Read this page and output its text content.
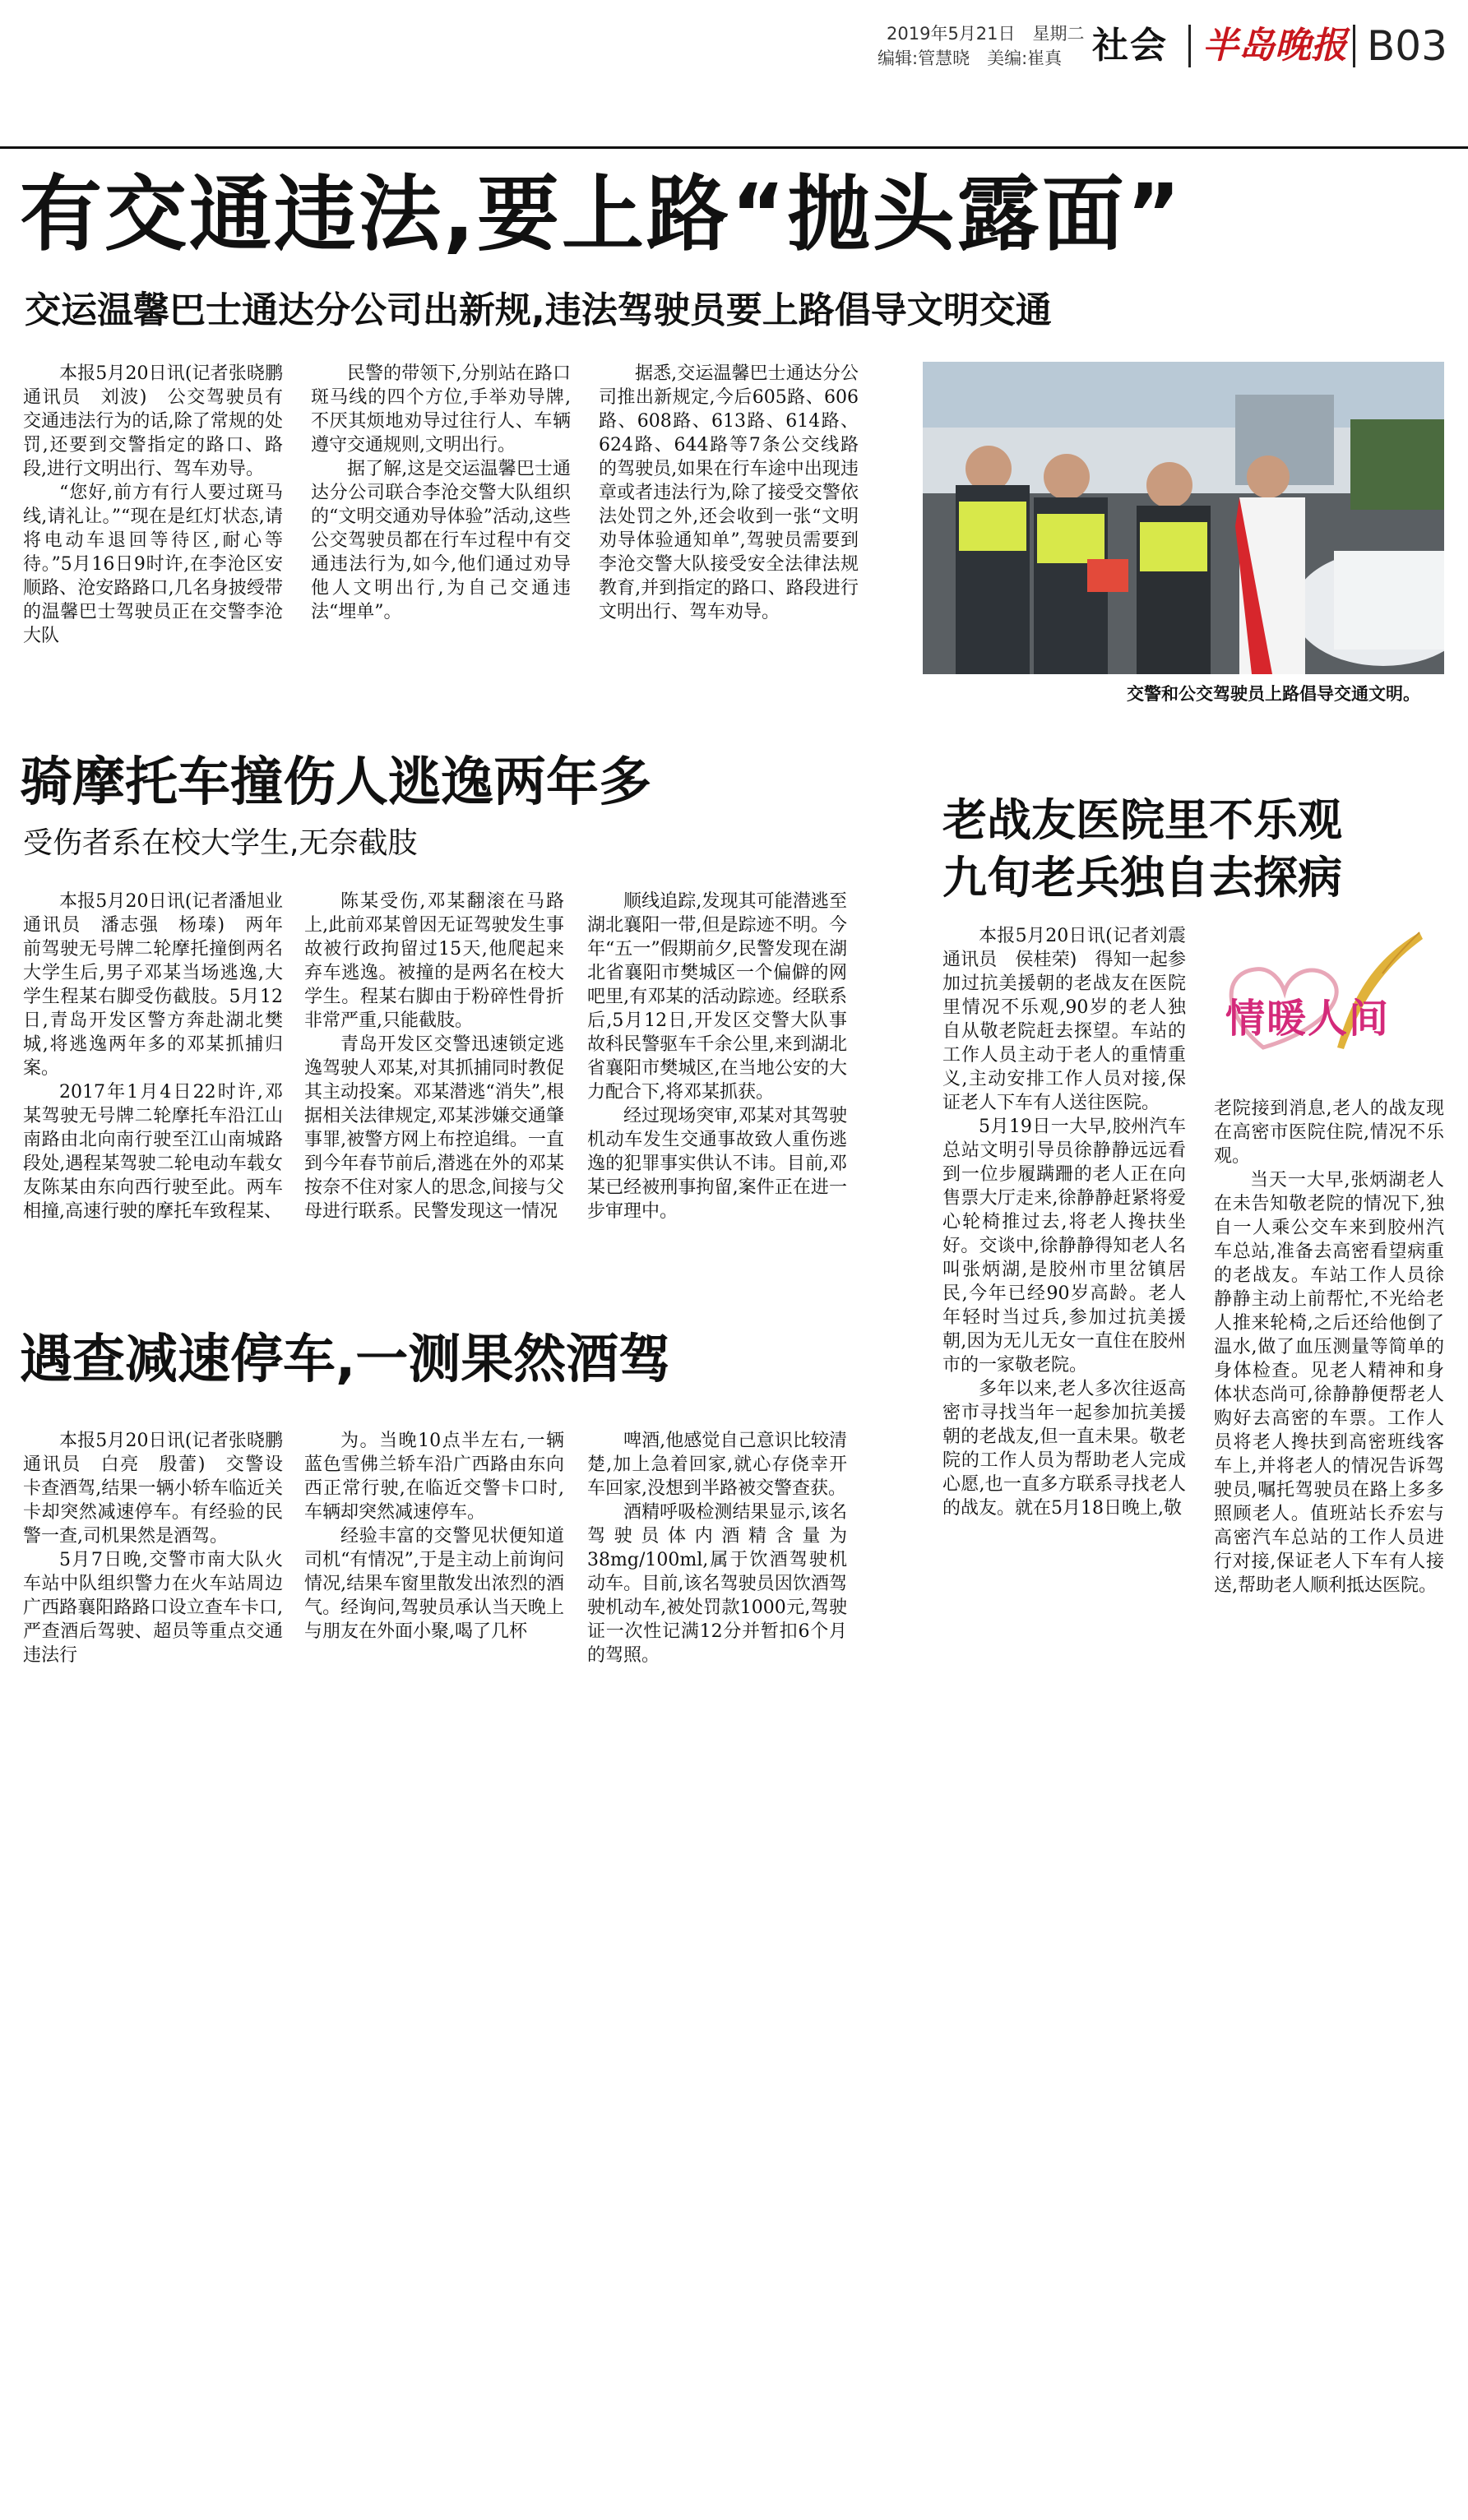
2019年5月21日　星期二
编辑:管慧晓　美编:崔真 社会 半岛晚报 B03
有交通违法,要上路“抛头露面”
交运温馨巴士通达分公司出新规,违法驾驶员要上路倡导文明交通

本报5月20日讯(记者张晓鹏　通讯员　刘波)　公交驾驶员有交通违法行为的话,除了常规的处罚,还要到交警指定的路口、路段,进行文明出行、驾车劝导。

“您好,前方有行人要过斑马线,请礼让。”“现在是红灯状态,请将电动车退回等待区,耐心等待。”5月16日9时许,在李沧区安顺路、沧安路路口,几名身披绶带的温馨巴士驾驶员正在交警李沧大队

民警的带领下,分别站在路口斑马线的四个方位,手举劝导牌,不厌其烦地劝导过往行人、车辆遵守交通规则,文明出行。

据了解,这是交运温馨巴士通达分公司联合李沧交警大队组织的“文明交通劝导体验”活动,这些公交驾驶员都在行车过程中有交通违法行为,如今,他们通过劝导他人文明出行,为自己交通违法“埋单”。

据悉,交运温馨巴士通达分公司推出新规定,今后605路、606路、608路、613路、614路、624路、644路等7条公交线路的驾驶员,如果在行车途中出现违章或者违法行为,除了接受交警依法处罚之外,还会收到一张“文明劝导体验通知单”,驾驶员需要到李沧交警大队接受安全法律法规教育,并到指定的路口、路段进行文明出行、驾车劝导。

交警和公交驾驶员上路倡导交通文明。
骑摩托车撞伤人逃逸两年多
受伤者系在校大学生,无奈截肢

本报5月20日讯(记者潘旭业　通讯员　潘志强　杨瑧)　两年前驾驶无号牌二轮摩托撞倒两名大学生后,男子邓某当场逃逸,大学生程某右脚受伤截肢。5月12日,青岛开发区警方奔赴湖北樊城,将逃逸两年多的邓某抓捕归案。

2017年1月4日22时许,邓某驾驶无号牌二轮摩托车沿江山南路由北向南行驶至江山南城路段处,遇程某驾驶二轮电动车载女友陈某由东向西行驶至此。两车相撞,高速行驶的摩托车致程某、

陈某受伤,邓某翻滚在马路上,此前邓某曾因无证驾驶发生事故被行政拘留过15天,他爬起来弃车逃逸。被撞的是两名在校大学生。程某右脚由于粉碎性骨折非常严重,只能截肢。

青岛开发区交警迅速锁定逃逸驾驶人邓某,对其抓捕同时教促其主动投案。邓某潜逃“消失”,根据相关法律规定,邓某涉嫌交通肇事罪,被警方网上布控追缉。一直到今年春节前后,潜逃在外的邓某按奈不住对家人的思念,间接与父母进行联系。民警发现这一情况

顺线追踪,发现其可能潜逃至湖北襄阳一带,但是踪迹不明。今年“五一”假期前夕,民警发现在湖北省襄阳市樊城区一个偏僻的网吧里,有邓某的活动踪迹。经联系后,5月12日,开发区交警大队事故科民警驱车千余公里,来到湖北省襄阳市樊城区,在当地公安的大力配合下,将邓某抓获。

经过现场突审,邓某对其驾驶机动车发生交通事故致人重伤逃逸的犯罪事实供认不讳。目前,邓某已经被刑事拘留,案件正在进一步审理中。

遇查减速停车,一测果然酒驾

本报5月20日讯(记者张晓鹏　通讯员　白亮　殷蕾)　交警设卡查酒驾,结果一辆小轿车临近关卡却突然减速停车。有经验的民警一查,司机果然是酒驾。

5月7日晚,交警市南大队火车站中队组织警力在火车站周边广西路襄阳路路口设立查车卡口,严查酒后驾驶、超员等重点交通违法行

为。当晚10点半左右,一辆蓝色雪佛兰轿车沿广西路由东向西正常行驶,在临近交警卡口时,车辆却突然减速停车。

经验丰富的交警见状便知道司机“有情况”,于是主动上前询问情况,结果车窗里散发出浓烈的酒气。经询问,驾驶员承认当天晚上与朋友在外面小聚,喝了几杯

啤酒,他感觉自己意识比较清楚,加上急着回家,就心存侥幸开车回家,没想到半路被交警查获。

酒精呼吸检测结果显示,该名驾驶员体内酒精含量为38mg/100ml,属于饮酒驾驶机动车。目前,该名驾驶员因饮酒驾驶机动车,被处罚款1000元,驾驶证一次性记满12分并暂扣6个月的驾照。

老战友医院里不乐观
九旬老兵独自去探病
情暖人间

本报5月20日讯(记者刘震　通讯员　侯桂荣)　得知一起参加过抗美援朝的老战友在医院里情况不乐观,90岁的老人独自从敬老院赶去探望。车站的工作人员主动于老人的重情重义,主动安排工作人员对接,保证老人下车有人送往医院。

5月19日一大早,胶州汽车总站文明引导员徐静静远远看到一位步履蹒跚的老人正在向售票大厅走来,徐静静赶紧将爱心轮椅推过去,将老人搀扶坐好。交谈中,徐静静得知老人名叫张炳湖,是胶州市里岔镇居民,今年已经90岁高龄。老人年轻时当过兵,参加过抗美援朝,因为无儿无女一直住在胶州市的一家敬老院。

多年以来,老人多次往返高密市寻找当年一起参加抗美援朝的老战友,但一直未果。敬老院的工作人员为帮助老人完成心愿,也一直多方联系寻找老人的战友。就在5月18日晚上,敬

老院接到消息,老人的战友现在高密市医院住院,情况不乐观。

当天一大早,张炳湖老人在未告知敬老院的情况下,独自一人乘公交车来到胶州汽车总站,准备去高密看望病重的老战友。车站工作人员徐静静主动上前帮忙,不光给老人推来轮椅,之后还给他倒了温水,做了血压测量等简单的身体检查。见老人精神和身体状态尚可,徐静静便帮老人购好去高密的车票。工作人员将老人搀扶到高密班线客车上,并将老人的情况告诉驾驶员,嘱托驾驶员在路上多多照顾老人。值班站长乔宏与高密汽车总站的工作人员进行对接,保证老人下车有人接送,帮助老人顺利抵达医院。
